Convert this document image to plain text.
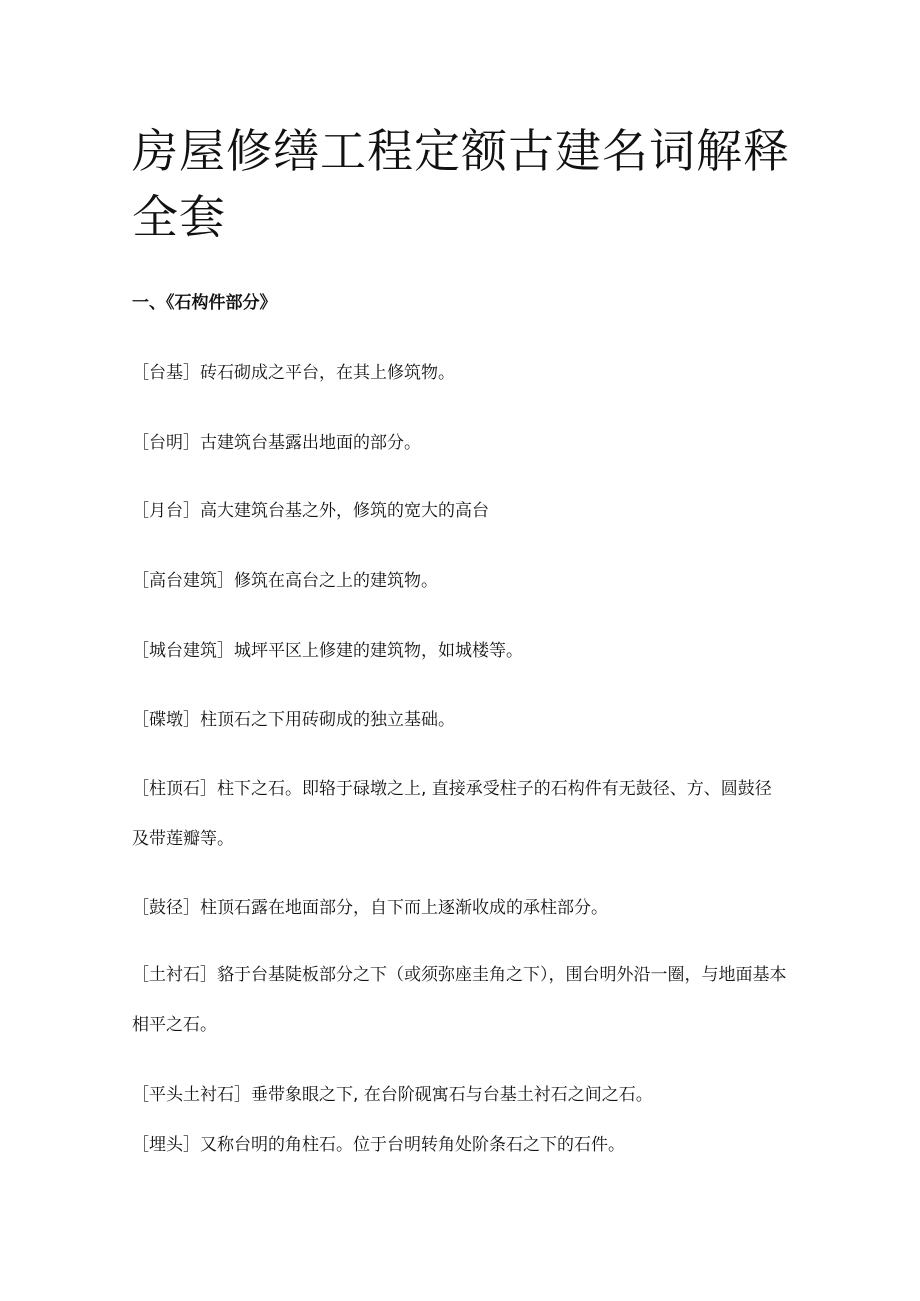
房屋修缮工程定额古建名词解释全套
一、《石构件部分》

［台基］砖石砌成之平台，在其上修筑物。

［台明］古建筑台基露出地面的部分。

［月台］高大建筑台基之外，修筑的宽大的高台

［高台建筑］修筑在高台之上的建筑物。

［城台建筑］城坪平区上修建的建筑物，如城楼等。

［碟墩］柱顶石之下用砖砌成的独立基础。

［柱顶石］柱下之石。即辂于碌墩之上, 直接承受柱子的石构件有无鼓径、方、圆鼓径及带莲瓣等。

［鼓径］柱顶石露在地面部分，自下而上逐渐收成的承柱部分。

［土衬石］貉于台基陡板部分之下（或须弥座圭角之下），围台明外沿一圈，与地面基本相平之石。

［平头土衬石］垂带象眼之下, 在台阶砚寓石与台基土衬石之间之石。

［埋头］又称台明的角柱石。位于台明转角处阶条石之下的石件。
